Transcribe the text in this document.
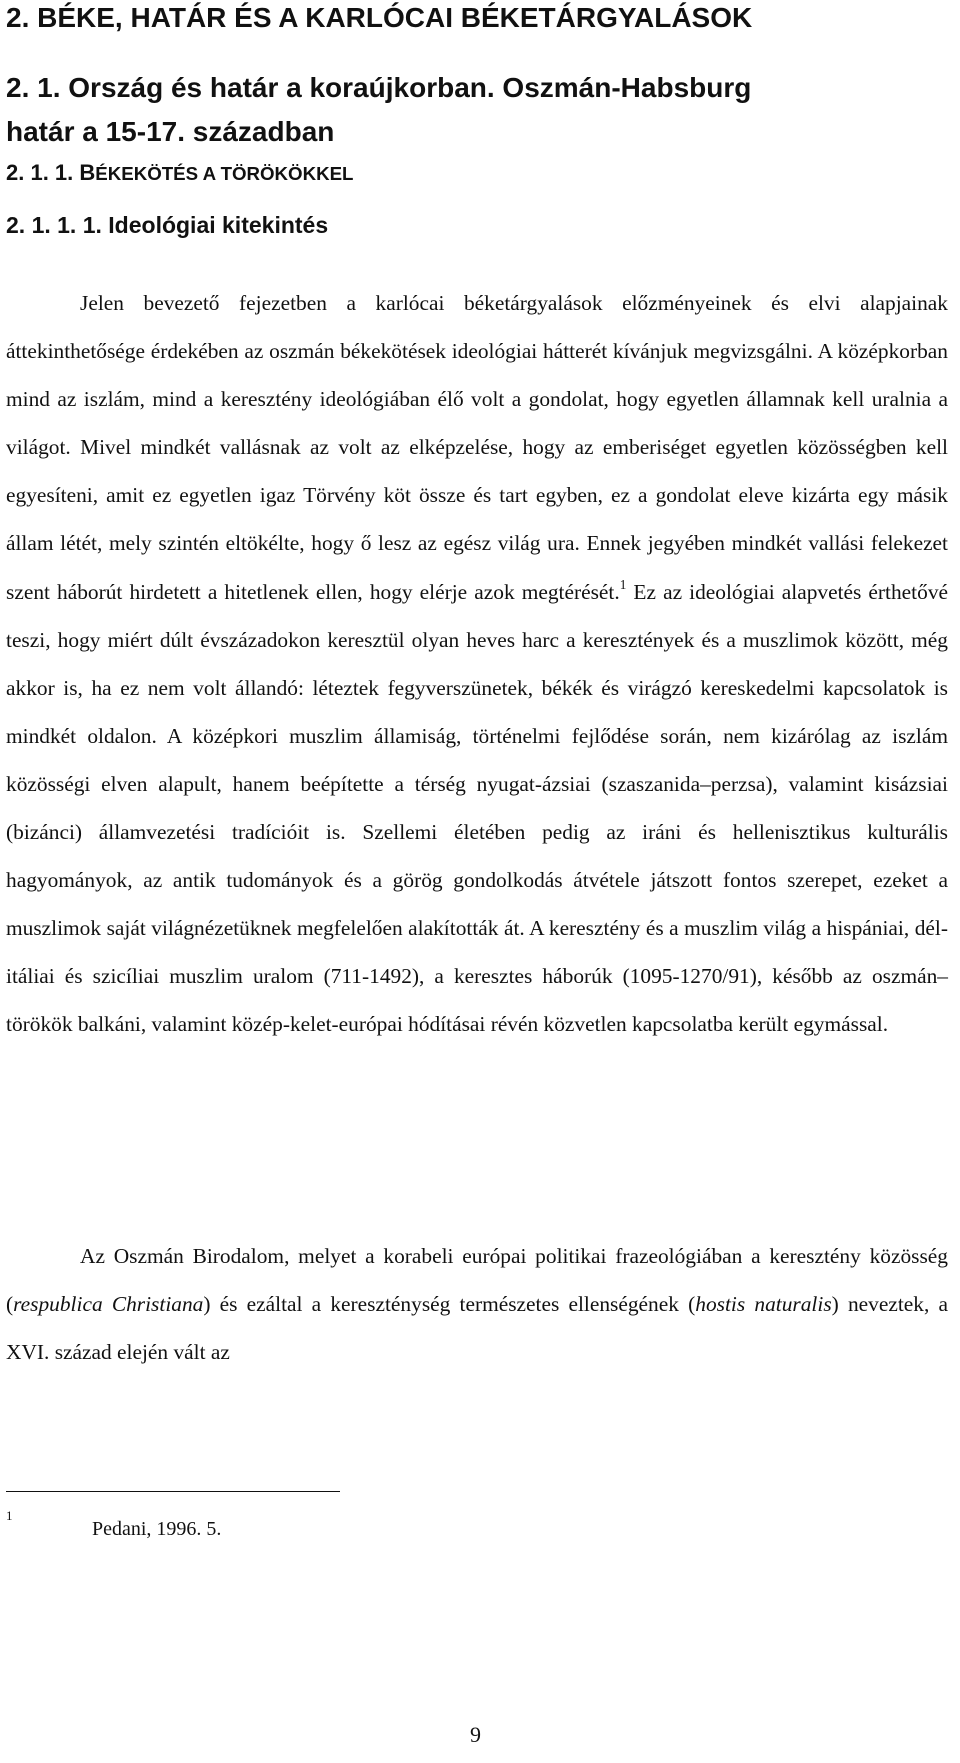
2. BÉKE, HATÁR ÉS A KARLÓCAI BÉKETÁRGYALÁSOK
2. 1. Ország és határ a koraújkorban. Oszmán-Habsburg
határ a 15-17. században
2. 1. 1. BÉKEKÖTÉS A TÖRÖKÖKKEL
2. 1. 1. 1. Ideológiai kitekintés

Jelen bevezető fejezetben a karlócai béketárgyalások előzményeinek és elvi alapjainak áttekinthetősége érdekében az oszmán békekötések ideológiai hátterét kívánjuk megvizsgálni. A középkorban mind az iszlám, mind a keresztény ideológiában élő volt a gondolat, hogy egyetlen államnak kell uralnia a világot. Mivel mindkét vallásnak az volt az elképzelése, hogy az emberiséget egyetlen közösségben kell egyesíteni, amit ez egyetlen igaz Törvény köt össze és tart egyben, ez a gondolat eleve kizárta egy másik állam létét, mely szintén eltökélte, hogy ő lesz az egész világ ura. Ennek jegyében mindkét vallási felekezet szent háborút hirdetett a hitetlenek ellen, hogy elérje azok megtérését.$^1$ Ez az ideológiai alapvetés érthetővé teszi, hogy miért dúlt évszázadokon keresztül olyan heves harc a keresztények és a muszlimok között, még akkor is, ha ez nem volt állandó: léteztek fegyverszünetek, békék és virágzó kereskedelmi kapcsolatok is mindkét oldalon. A középkori muszlim államiság, történelmi fejlődése során, nem kizárólag az iszlám közösségi elven alapult, hanem beépítette a térség nyugat-ázsiai (szaszanida–perzsa), valamint kisázsiai (bizánci) államvezetési tradícióit is. Szellemi életében pedig az iráni és hellenisztikus kulturális hagyományok, az antik tudományok és a görög gondolkodás átvétele játszott fontos szerepet, ezeket a muszlimok saját világnézetüknek megfelelően alakították át. A keresztény és a muszlim világ a hispániai, dél-itáliai és szicíliai muszlim uralom (711-1492), a keresztes háborúk (1095-1270/91), később az oszmán–törökök balkáni, valamint közép-kelet-európai hódításai révén közvetlen kapcsolatba került egymással.

Az Oszmán Birodalom, melyet a korabeli európai politikai frazeológiában a keresztény közösség (respublica Christiana) és ezáltal a kereszténység természetes ellenségének (hostis naturalis) neveztek, a XVI. század elején vált az

1
Pedani, 1996. 5.
9
